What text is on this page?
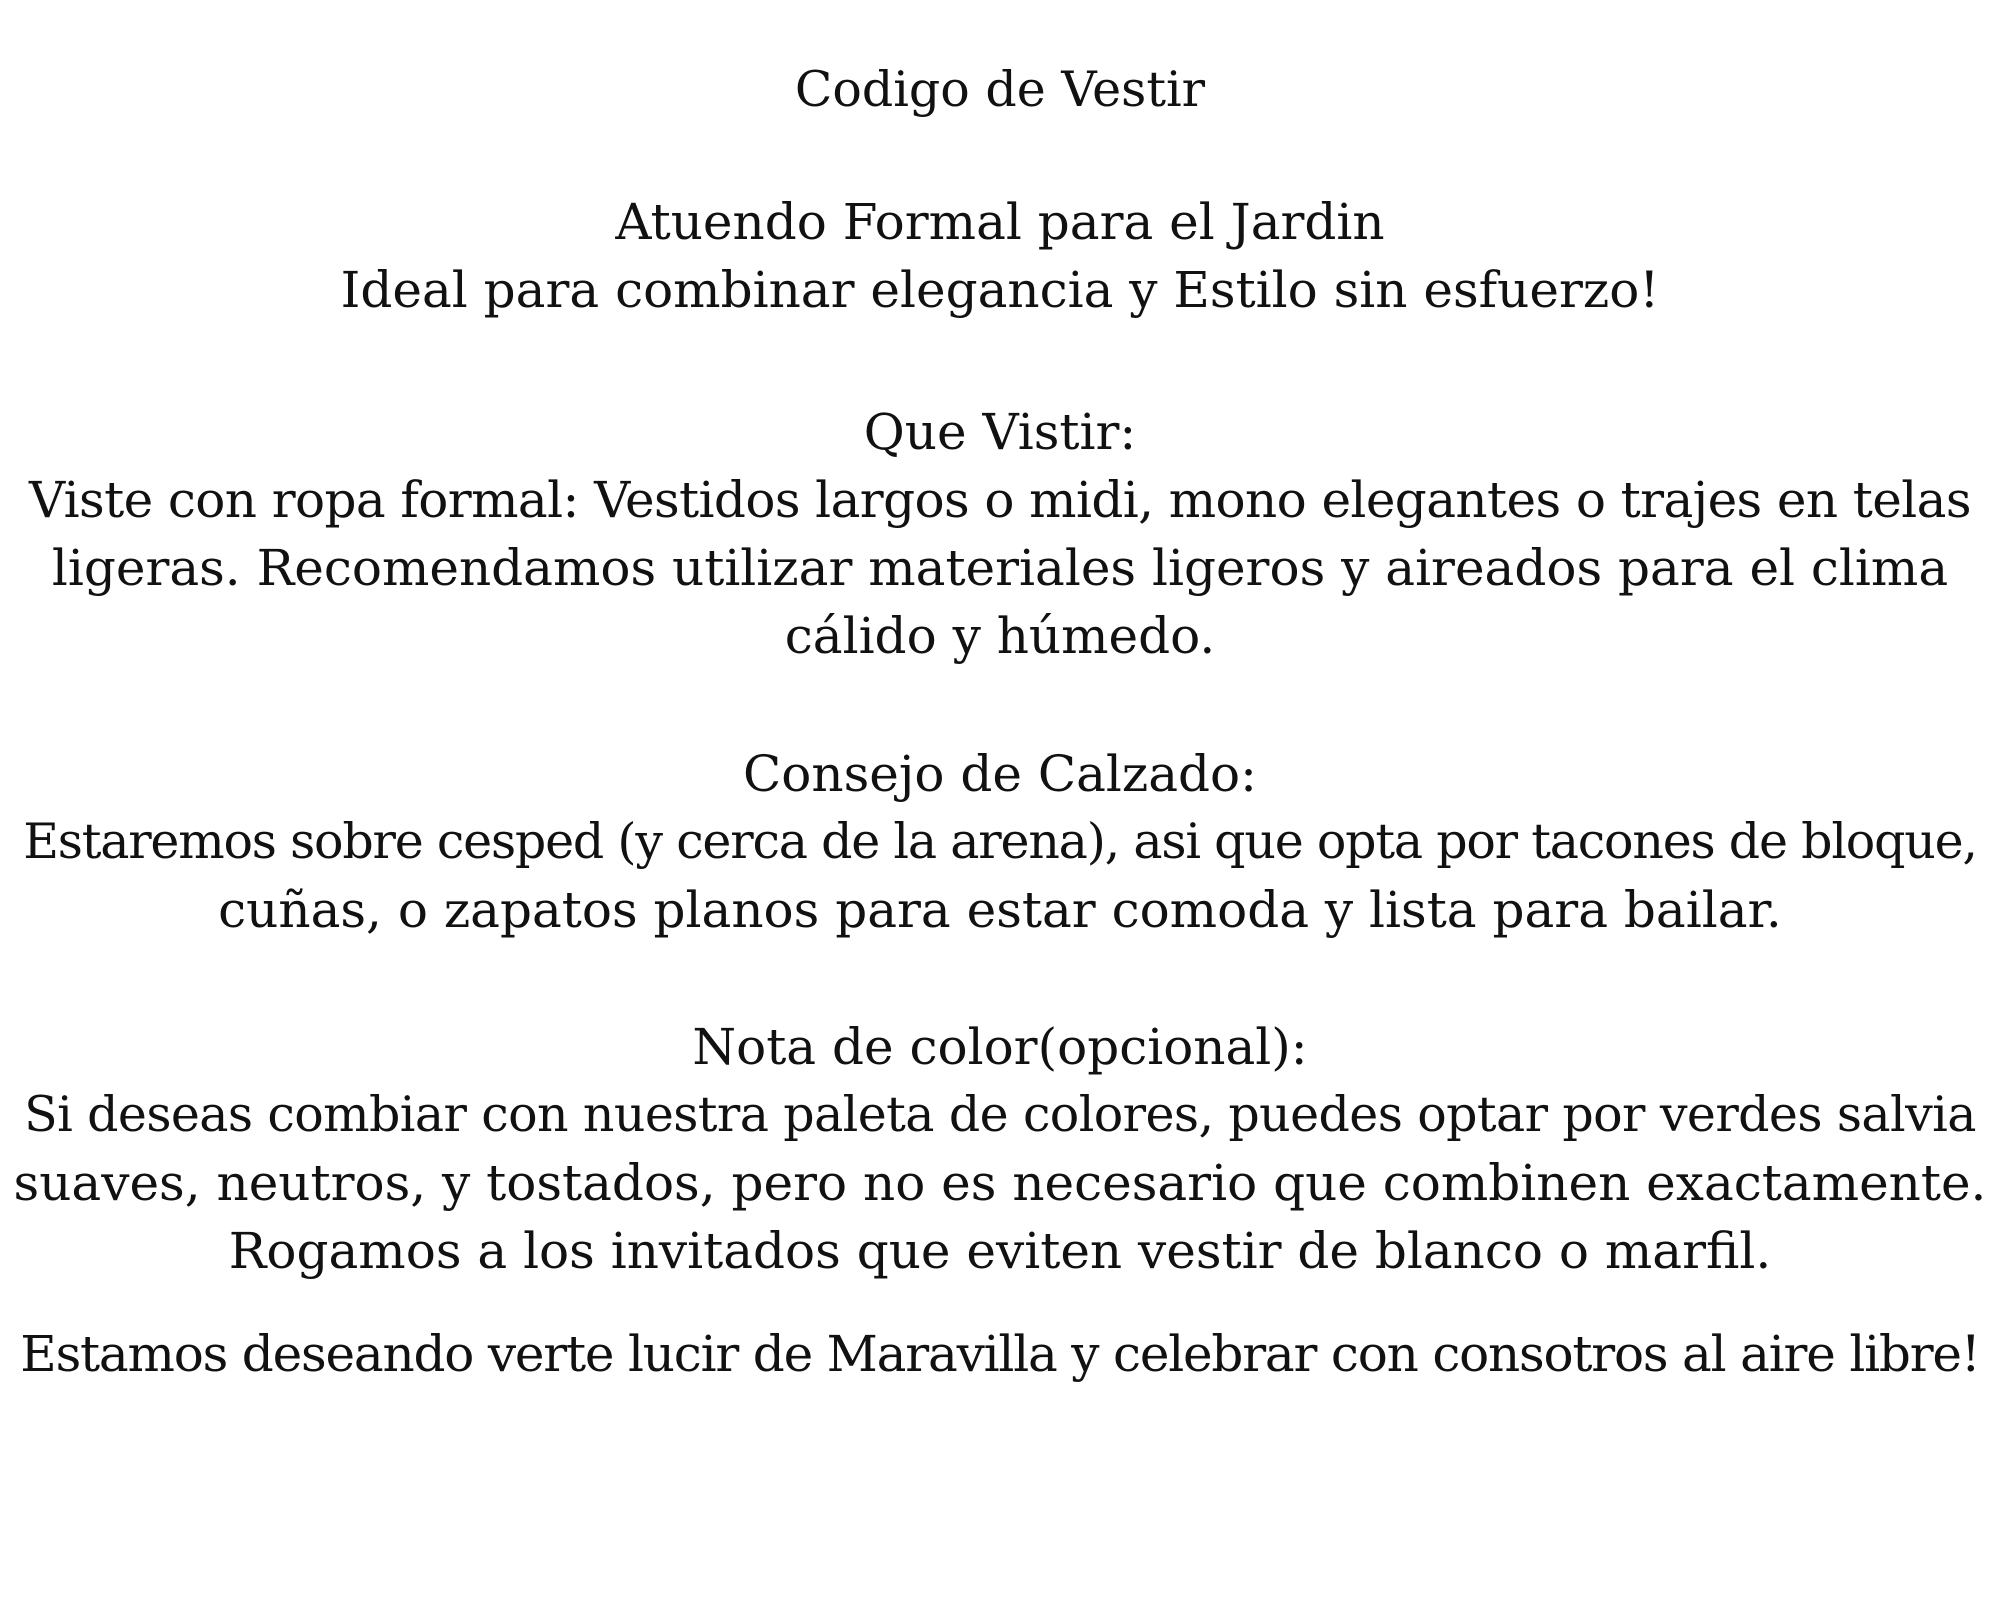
Codigo de Vestir
Atuendo Formal para el Jardin
Ideal para combinar elegancia y Estilo sin esfuerzo!
Que Vistir:
Viste con ropa formal: Vestidos largos o midi, mono elegantes o trajes en telas
ligeras. Recomendamos utilizar materiales ligeros y aireados para el clima
cálido y húmedo.
Consejo de Calzado:
Estaremos sobre cesped (y cerca de la arena), asi que opta por tacones de bloque,
cuñas, o zapatos planos para estar comoda y lista para bailar.
Nota de color(opcional):
Si deseas combiar con nuestra paleta de colores, puedes optar por verdes salvia
suaves, neutros, y tostados, pero no es necesario que combinen exactamente.
Rogamos a los invitados que eviten vestir de blanco o marfil.
Estamos deseando verte lucir de Maravilla y celebrar con consotros al aire libre!
